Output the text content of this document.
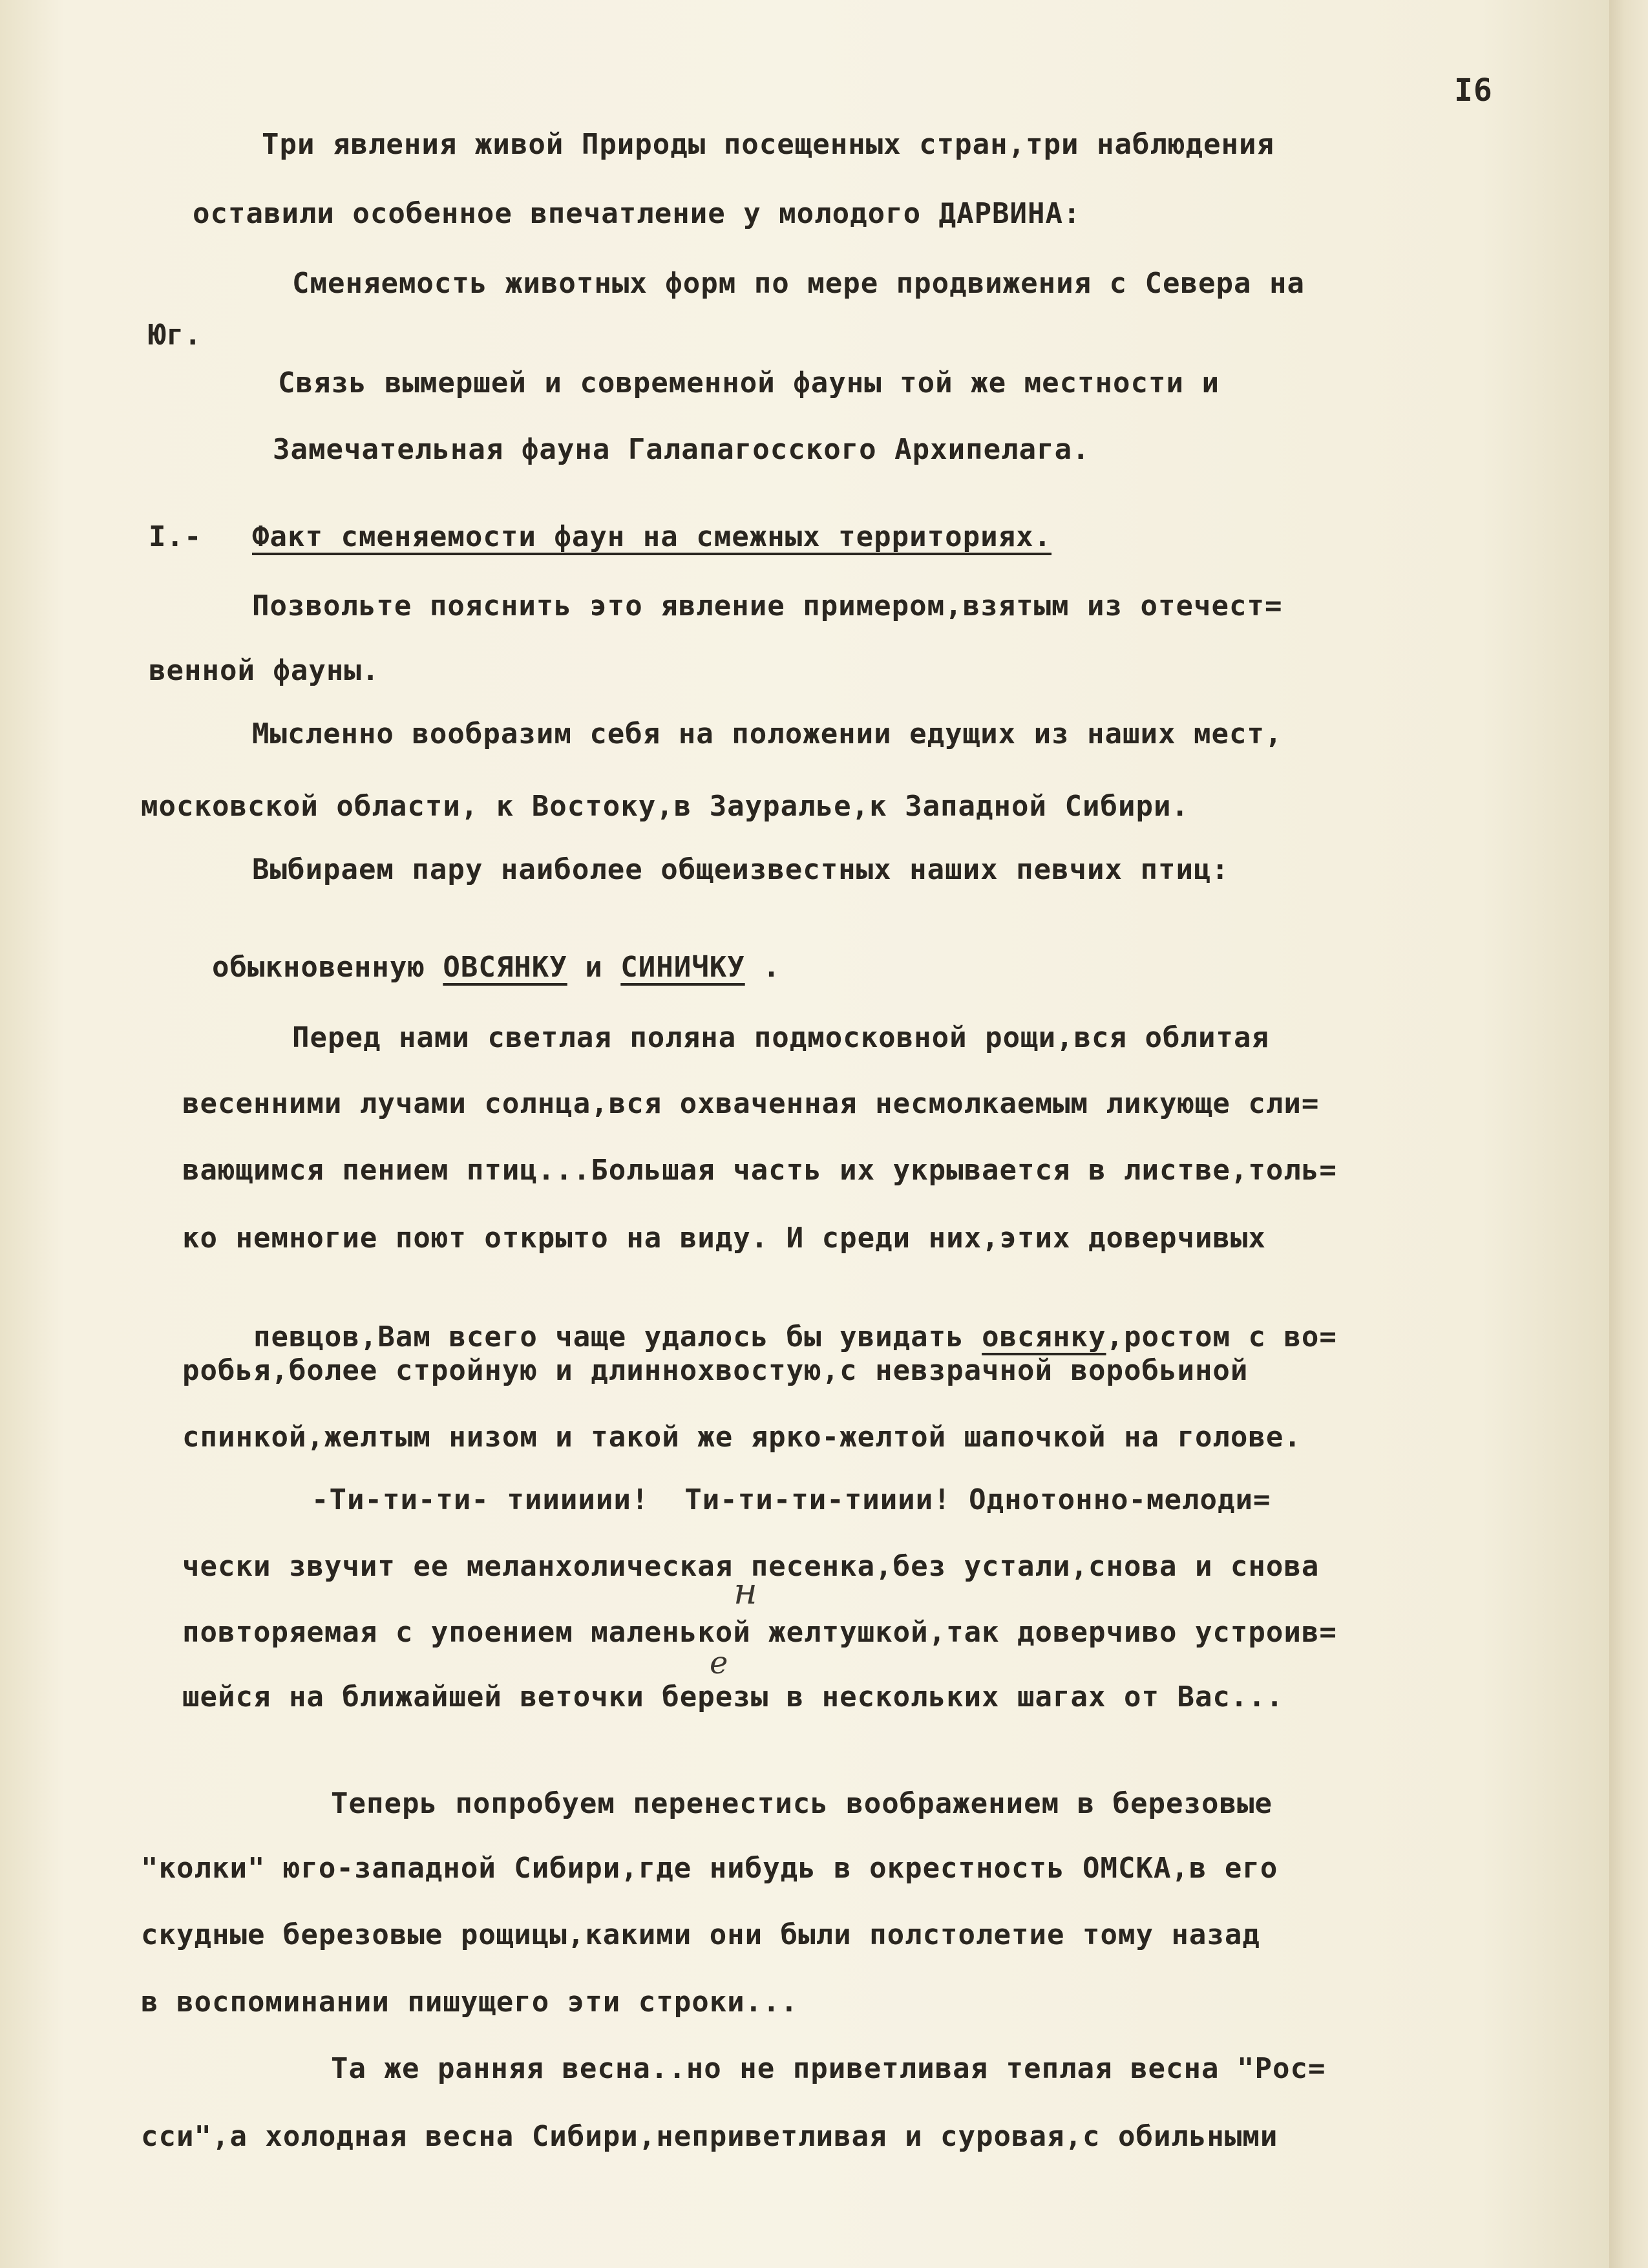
I6
Три явления живой Природы посещенных стран,три наблюдения
оставили особенное впечатление у молодого ДАРВИНА:
Сменяемость животных форм по мере продвижения с Севера на
Юг.
Связь вымершей и современной фауны той же местности и
Замечательная фауна Галапагосского Архипелага.
I.- Факт сменяемости фаун на смежных территориях.
Позвольте пояснить это явление примером,взятым из отечест=
венной фауны.
Мысленно вообразим себя на положении едущих из наших мест,
московской области, к Востоку,в Зауралье,к Западной Сибири.
Выбираем пару наиболее общеизвестных наших певчих птиц:

обыкновенную ОВСЯНКУ и СИНИЧКУ .

Перед нами светлая поляна подмосковной рощи,вся облитая
весенними лучами солнца,вся охваченная несмолкаемым ликующе сли=
вающимся пением птиц...Большая часть их укрывается в листве,толь=
ко немногие поют открыто на виду. И среди них,этих доверчивых

певцов,Вам всего чаще удалось бы увидать овсянку,ростом с во=

робья,более стройную и длиннохвостую,с невзрачной воробьиной
спинкой,желтым низом и такой же ярко-желтой шапочкой на голове.
-Ти-ти-ти- тииииии!  Ти-ти-ти-тииии! Однотонно-мелоди=
чески звучит ее меланхолическая песенка,без устали,снова и снова
повторяемая с упоением маленькой желтушкой,так доверчиво устроив=
шейся на ближайшей веточки березы в нескольких шагах от Вас...
Теперь попробуем перенестись воображением в березовые
"колки" юго-западной Сибири,где нибудь в окрестность ОМСКА,в его
скудные березовые рощицы,какими они были полстолетие тому назад
в воспоминании пишущего эти строки...
Та же ранняя весна..но не приветливая теплая весна "Рос=
сси",а холодная весна Сибири,неприветливая и суровая,с обильными
н
е
